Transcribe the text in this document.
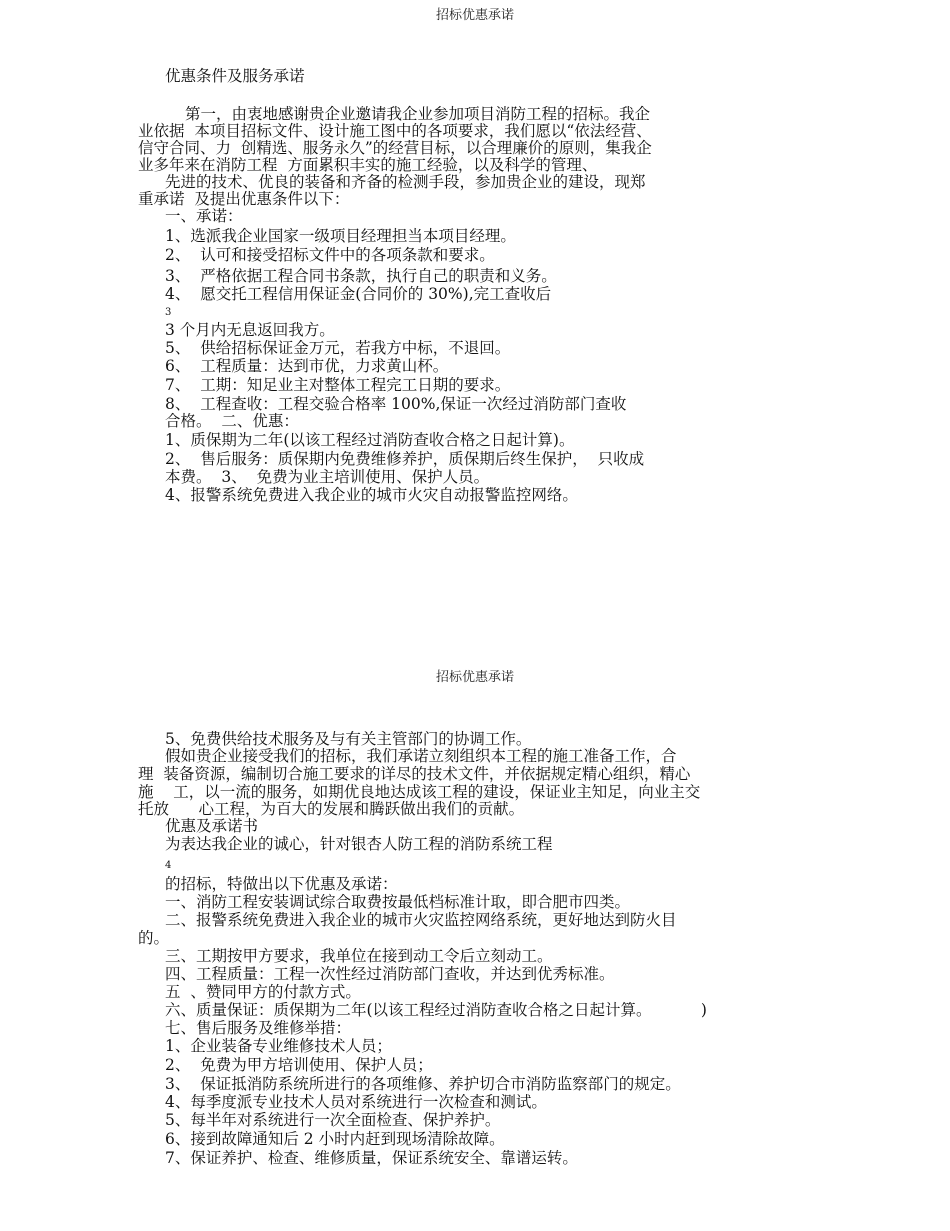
招标优惠承诺
优惠条件及服务承诺
第一，由衷地感谢贵企业邀请我企业参加项目消防工程的招标。我企
业依据  本项目招标文件、设计施工图中的各项要求，我们愿以“依法经营、
信守合同、力  创精选、服务永久”的经营目标，以合理廉价的原则，集我企
业多年来在消防工程  方面累积丰实的施工经验，以及科学的管理、
先进的技术、优良的装备和齐备的检测手段，参加贵企业的建设，现郑
重承诺  及提出优惠条件以下：
一、承诺：
1、选派我企业国家一级项目经理担当本项目经理。
2、  认可和接受招标文件中的各项条款和要求。
3、  严格依据工程合同书条款，执行自己的职责和义务。
4、  愿交托工程信用保证金(合同价的 30%),完工查收后
3
3 个月内无息返回我方。
5、  供给招标保证金万元，若我方中标，不退回。
6、  工程质量：达到市优，力求黄山杯。
7、  工期：知足业主对整体工程完工日期的要求。
8、  工程查收：工程交验合格率 100%,保证一次经过消防部门查收
合格。  二、优惠：
1、质保期为二年(以该工程经过消防查收合格之日起计算)。
2、  售后服务：质保期内免费维修养护，质保期后终生保护，  只收成
本费。  3、  免费为业主培训使用、保护人员。
4、报警系统免费进入我企业的城市火灾自动报警监控网络。
招标优惠承诺
5、免费供给技术服务及与有关主管部门的协调工作。
假如贵企业接受我们的招标，我们承诺立刻组织本工程的施工准备工作，合
理  装备资源，编制切合施工要求的详尽的技术文件，并依据规定精心组织，精心
施    工，以一流的服务，如期优良地达成该工程的建设，保证业主知足，向业主交
托放      心工程，为百大的发展和腾跃做出我们的贡献。
优惠及承诺书
为表达我企业的诚心，针对银杏人防工程的消防系统工程
4
的招标，特做出以下优惠及承诺：
一、消防工程安装调试综合取费按最低档标准计取，即合肥市四类。
二、报警系统免费进入我企业的城市火灾监控网络系统，更好地达到防火目
的。
三、工期按甲方要求，我单位在接到动工令后立刻动工。
四、工程质量：工程一次性经过消防部门查收，并达到优秀标准。
五  、赞同甲方的付款方式。
六、质量保证：质保期为二年(以该工程经过消防查收合格之日起计算。          )
七、售后服务及维修举措：
1、企业装备专业维修技术人员；
2、  免费为甲方培训使用、保护人员；
3、  保证抵消防系统所进行的各项维修、养护切合市消防监察部门的规定。
4、每季度派专业技术人员对系统进行一次检查和测试。
5、每半年对系统进行一次全面检查、保护养护。
6、接到故障通知后 2 小时内赶到现场清除故障。
7、保证养护、检查、维修质量，保证系统安全、靠谱运转。
